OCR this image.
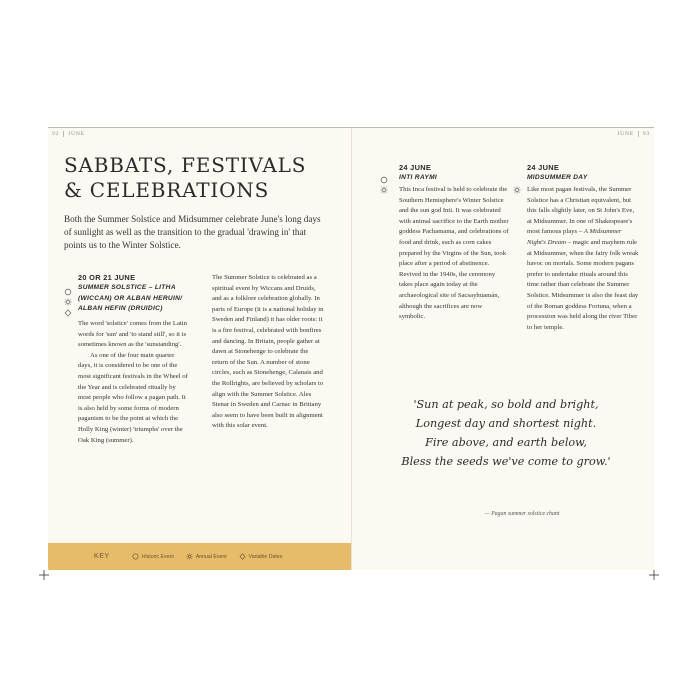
92	JUNE	JUNE	93
SABBATS, FESTIVALS
& CELEBRATIONS

Both the Summer Solstice and Midsummer celebrate June's long days of sunlight as well as the transition to the gradual 'drawing in' that points us to the Winter Solstice.

20 OR 21 JUNE
SUMMER SOLSTICE – LITHA
(WICCAN) OR ALBAN HERUIN/
ALBAN HEFIN (DRUIDIC)

The word 'solstice' comes from the Latin words for 'sun' and 'to stand still', so it is sometimes known as the 'sunstanding'.

As one of the four main quarter days, it is considered to be one of the most significant festivals in the Wheel of the Year and is celebrated ritually by most people who follow a pagan path. It is also held by some forms of modern paganism to be the point at which the Holly King (winter) 'triumphs' over the Oak King (summer).

The Summer Solstice is celebrated as a spiritual event by Wiccans and Druids, and as a folklore celebration globally. In parts of Europe (it is a national holiday in Sweden and Finland) it has older roots: it is a fire festival, celebrated with bonfires and dancing. In Britain, people gather at dawn at Stonehenge to celebrate the return of the Sun. A number of stone circles, such as Stonehenge, Calanais and the Rollrights, are believed by scholars to align with the Summer Solstice. Ales Stenar in Sweden and Carnac in Brittany also seem to have been built in alignment with this solar event.

24 JUNE
INTI RAYMI

This Inca festival is held to celebrate the Southern Hemisphere's Winter Solstice and the sun god Inti. It was celebrated with animal sacrifice to the Earth mother goddess Pachamama, and celebrations of food and drink, such as corn cakes prepared by the Virgins of the Sun, took place after a period of abstinence. Revived in the 1940s, the ceremony takes place again today at the archaeological site of Sacsayhuamán, although the sacrifices are now symbolic.

24 JUNE
MIDSUMMER DAY

Like most pagan festivals, the Summer Solstice has a Christian equivalent, but this falls slightly later, on St John's Eve, at Midsummer. In one of Shakespeare's most famous plays – A Midsummer Night's Dream – magic and mayhem rule at Midsummer, when the fairy folk wreak havoc on mortals. Some modern pagans prefer to undertake rituals around this time rather than celebrate the Summer Solstice. Midsummer is also the feast day of the Roman goddess Fortuna, when a procession was held along the river Tiber to her temple.

'Sun at peak, so bold and bright,
Longest day and shortest night.
Fire above, and earth below,
Bless the seeds we've come to grow.'
— Pagan summer solstice chant
KEY	Historic Event	Annual Event	Variable Dates
